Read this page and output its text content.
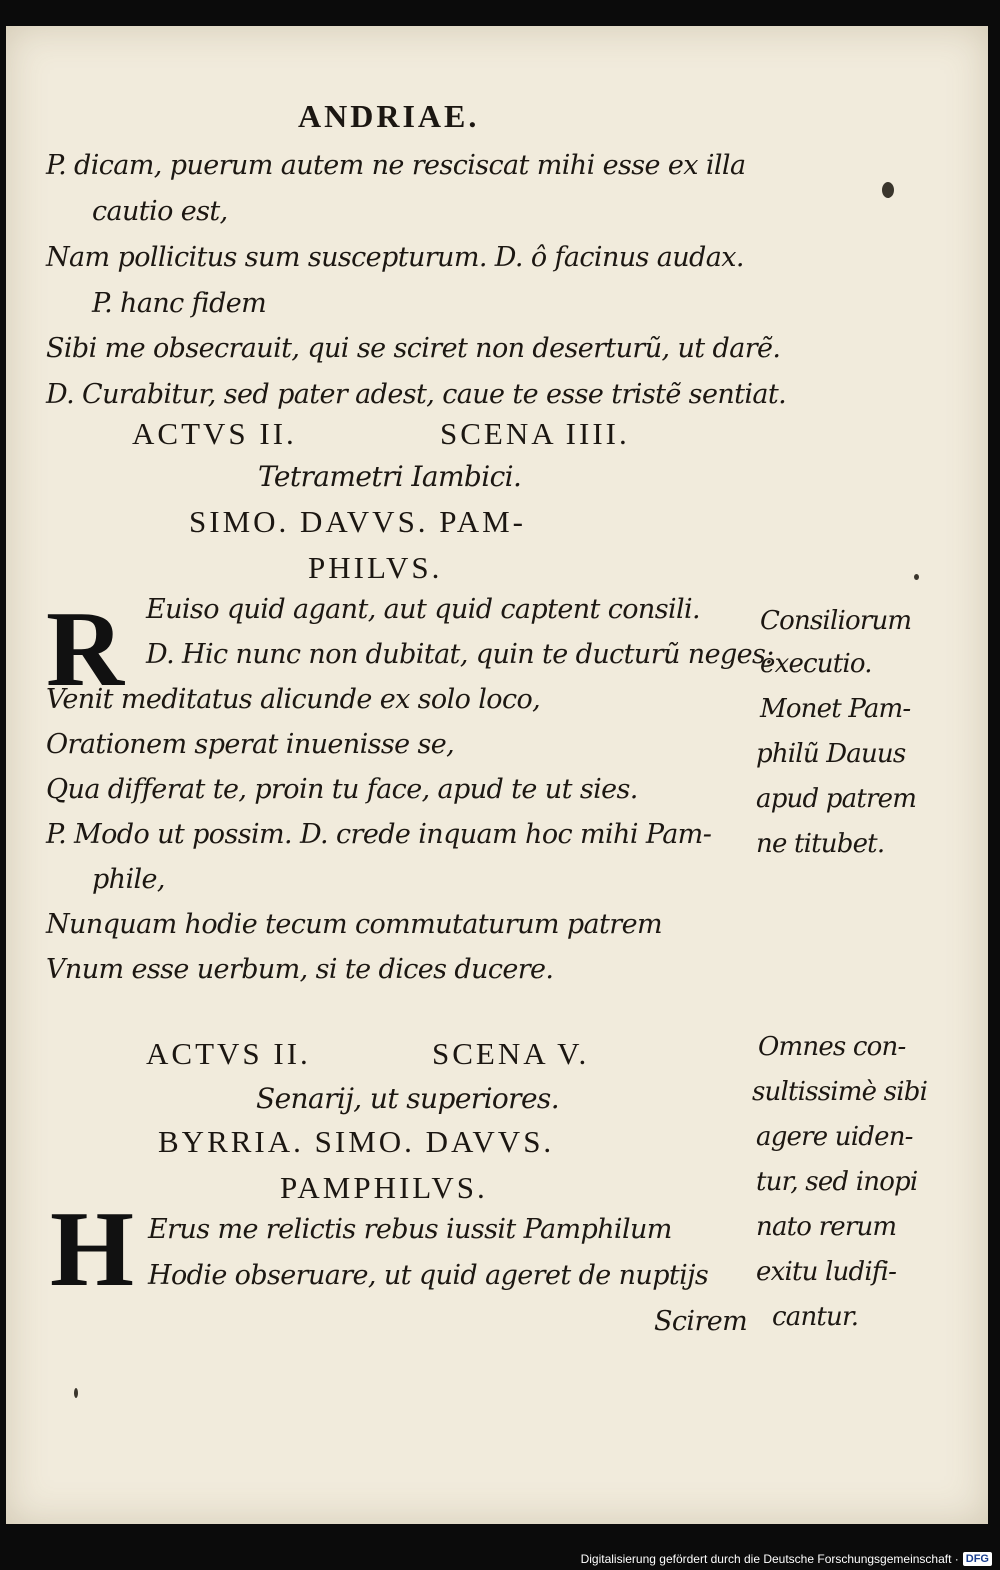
ANDRIAE.
P. dicam, puerum autem ne resciscat mihi esse ex illa
cautio est,
Nam pollicitus sum suscepturum. D. ô facinus audax.
P. hanc fidem
Sibi me obsecrauit, qui se sciret non deserturũ, ut darẽ.
D. Curabitur, sed pater adest, caue te esse tristẽ sentiat.
ACTVS II.	SCENA IIII.
Tetrametri Iambici.
SIMO. DAVVS. PAM-
PHILVS.
R Euiso quid agant, aut quid captent consili.
D. Hic nunc non dubitat, quin te ducturũ neges:
Venit meditatus alicunde ex solo loco,
Orationem sperat inuenisse se,
Qua differat te, proin tu face, apud te ut sies.
P. Modo ut possim. D. crede inquam hoc mihi Pam-
phile,
Nunquam hodie tecum commutaturum patrem
Vnum esse uerbum, si te dices ducere.
Consiliorum
executio.
Monet Pam-
philũ Dauus
apud patrem
ne titubet.
ACTVS II.	SCENA V.
Senarij, ut superiores.
BYRRIA. SIMO. DAVVS.
PAMPHILVS.
H Erus me relictis rebus iussit Pamphilum
Hodie obseruare, ut quid ageret de nuptijs
Scirem
Omnes con-
sultissimè sibi
agere uiden-
tur, sed inopi
nato rerum
exitu ludifi-
cantur.
Digitalisierung gefördert durch die Deutsche Forschungsgemeinschaft · DFG
